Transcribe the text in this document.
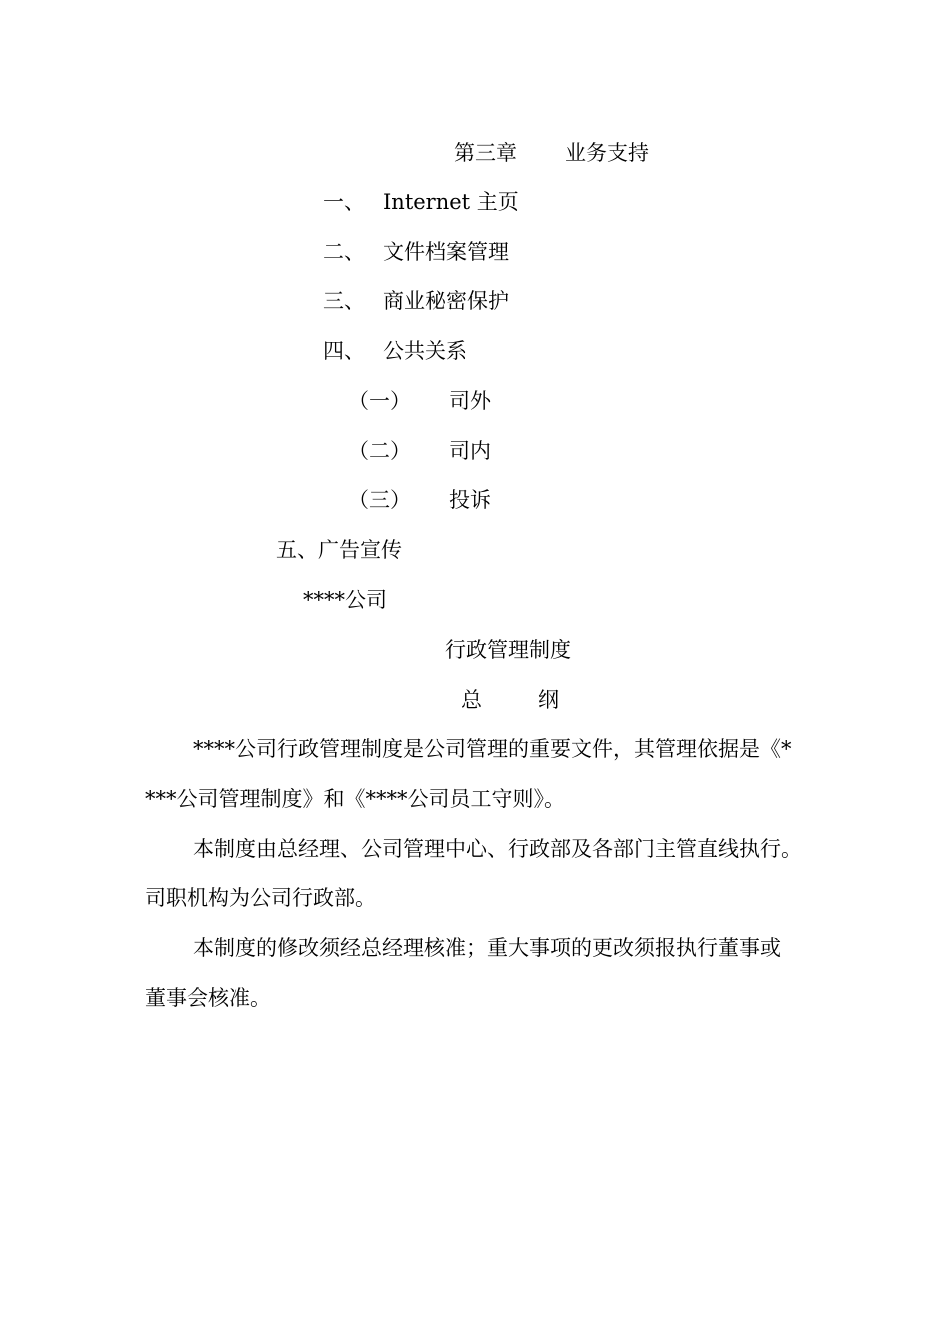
第三章 业务支持
一、 Internet 主页
二、 文件档案管理
三、 商业秘密保护
四、 公共关系
（一） 司外
（二） 司内
（三） 投诉
五、广告宣传
****公司
行政管理制度
总	纲
****公司行政管理制度是公司管理的重要文件，其管理依据是《*
***公司管理制度》和《****公司员工守则》。
本制度由总经理、公司管理中心、行政部及各部门主管直线执行。
司职机构为公司行政部。
本制度的修改须经总经理核准；重大事项的更改须报执行董事或
董事会核准。
